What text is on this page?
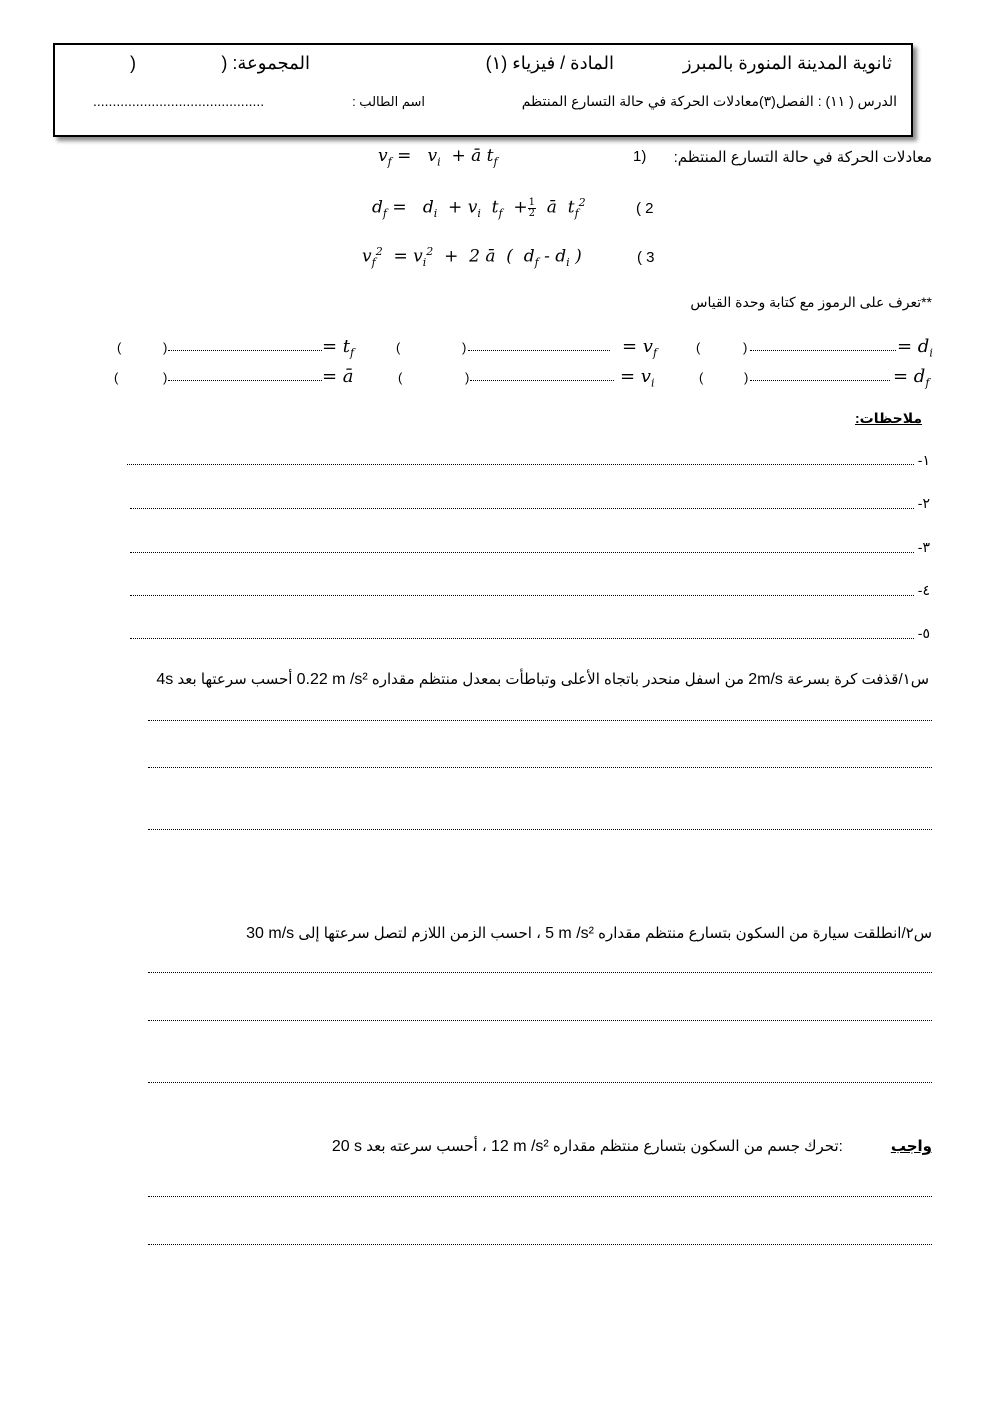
ثانوية المدينة المنورة بالمبرز
المادة / فيزياء (١)
المجموعة: (
)
الدرس ( ١١) : الفصل(٣)معادلات الحركة في حالة التسارع المنتظم
اسم الطالب :
............................................
معادلات الحركة في حالة التسارع المنتظم:
1)
$v_f = v_i$  + ā $t_f$
( 2
$d_f = d_i + v_i$  $t_f + \frac{1}{2}$ ā  $t_f^2$
( 3
$v_f^2 = v_i^2 + 2$ ā  (  $d_f - d_i$ )
**تعرف على الرموز مع كتابة وحدة القياس
= $d_i$
)
(
= $v_f$
)
(
= $t_f$
)
(
= $d_f$
)
(
= $v_i$
)
(
= ā
)
(
ملاحظات:
١-
٢-
٣-
٤-
٥-
س١/قذفت كرة بسرعة 2m/s من اسفل منحدر باتجاه الأعلى وتباطأت بمعدل منتظم مقداره 0.22 m /s² أحسب سرعتها بعد 4s
س٢/انطلقت سيارة من السكون بتسارع منتظم مقداره 5 m /s² ، احسب الزمن اللازم لتصل سرعتها إلى 30 m/s
واجب:تحرك جسم من السكون بتسارع منتظم مقداره 12 m /s² ، أحسب سرعته بعد 20 s
